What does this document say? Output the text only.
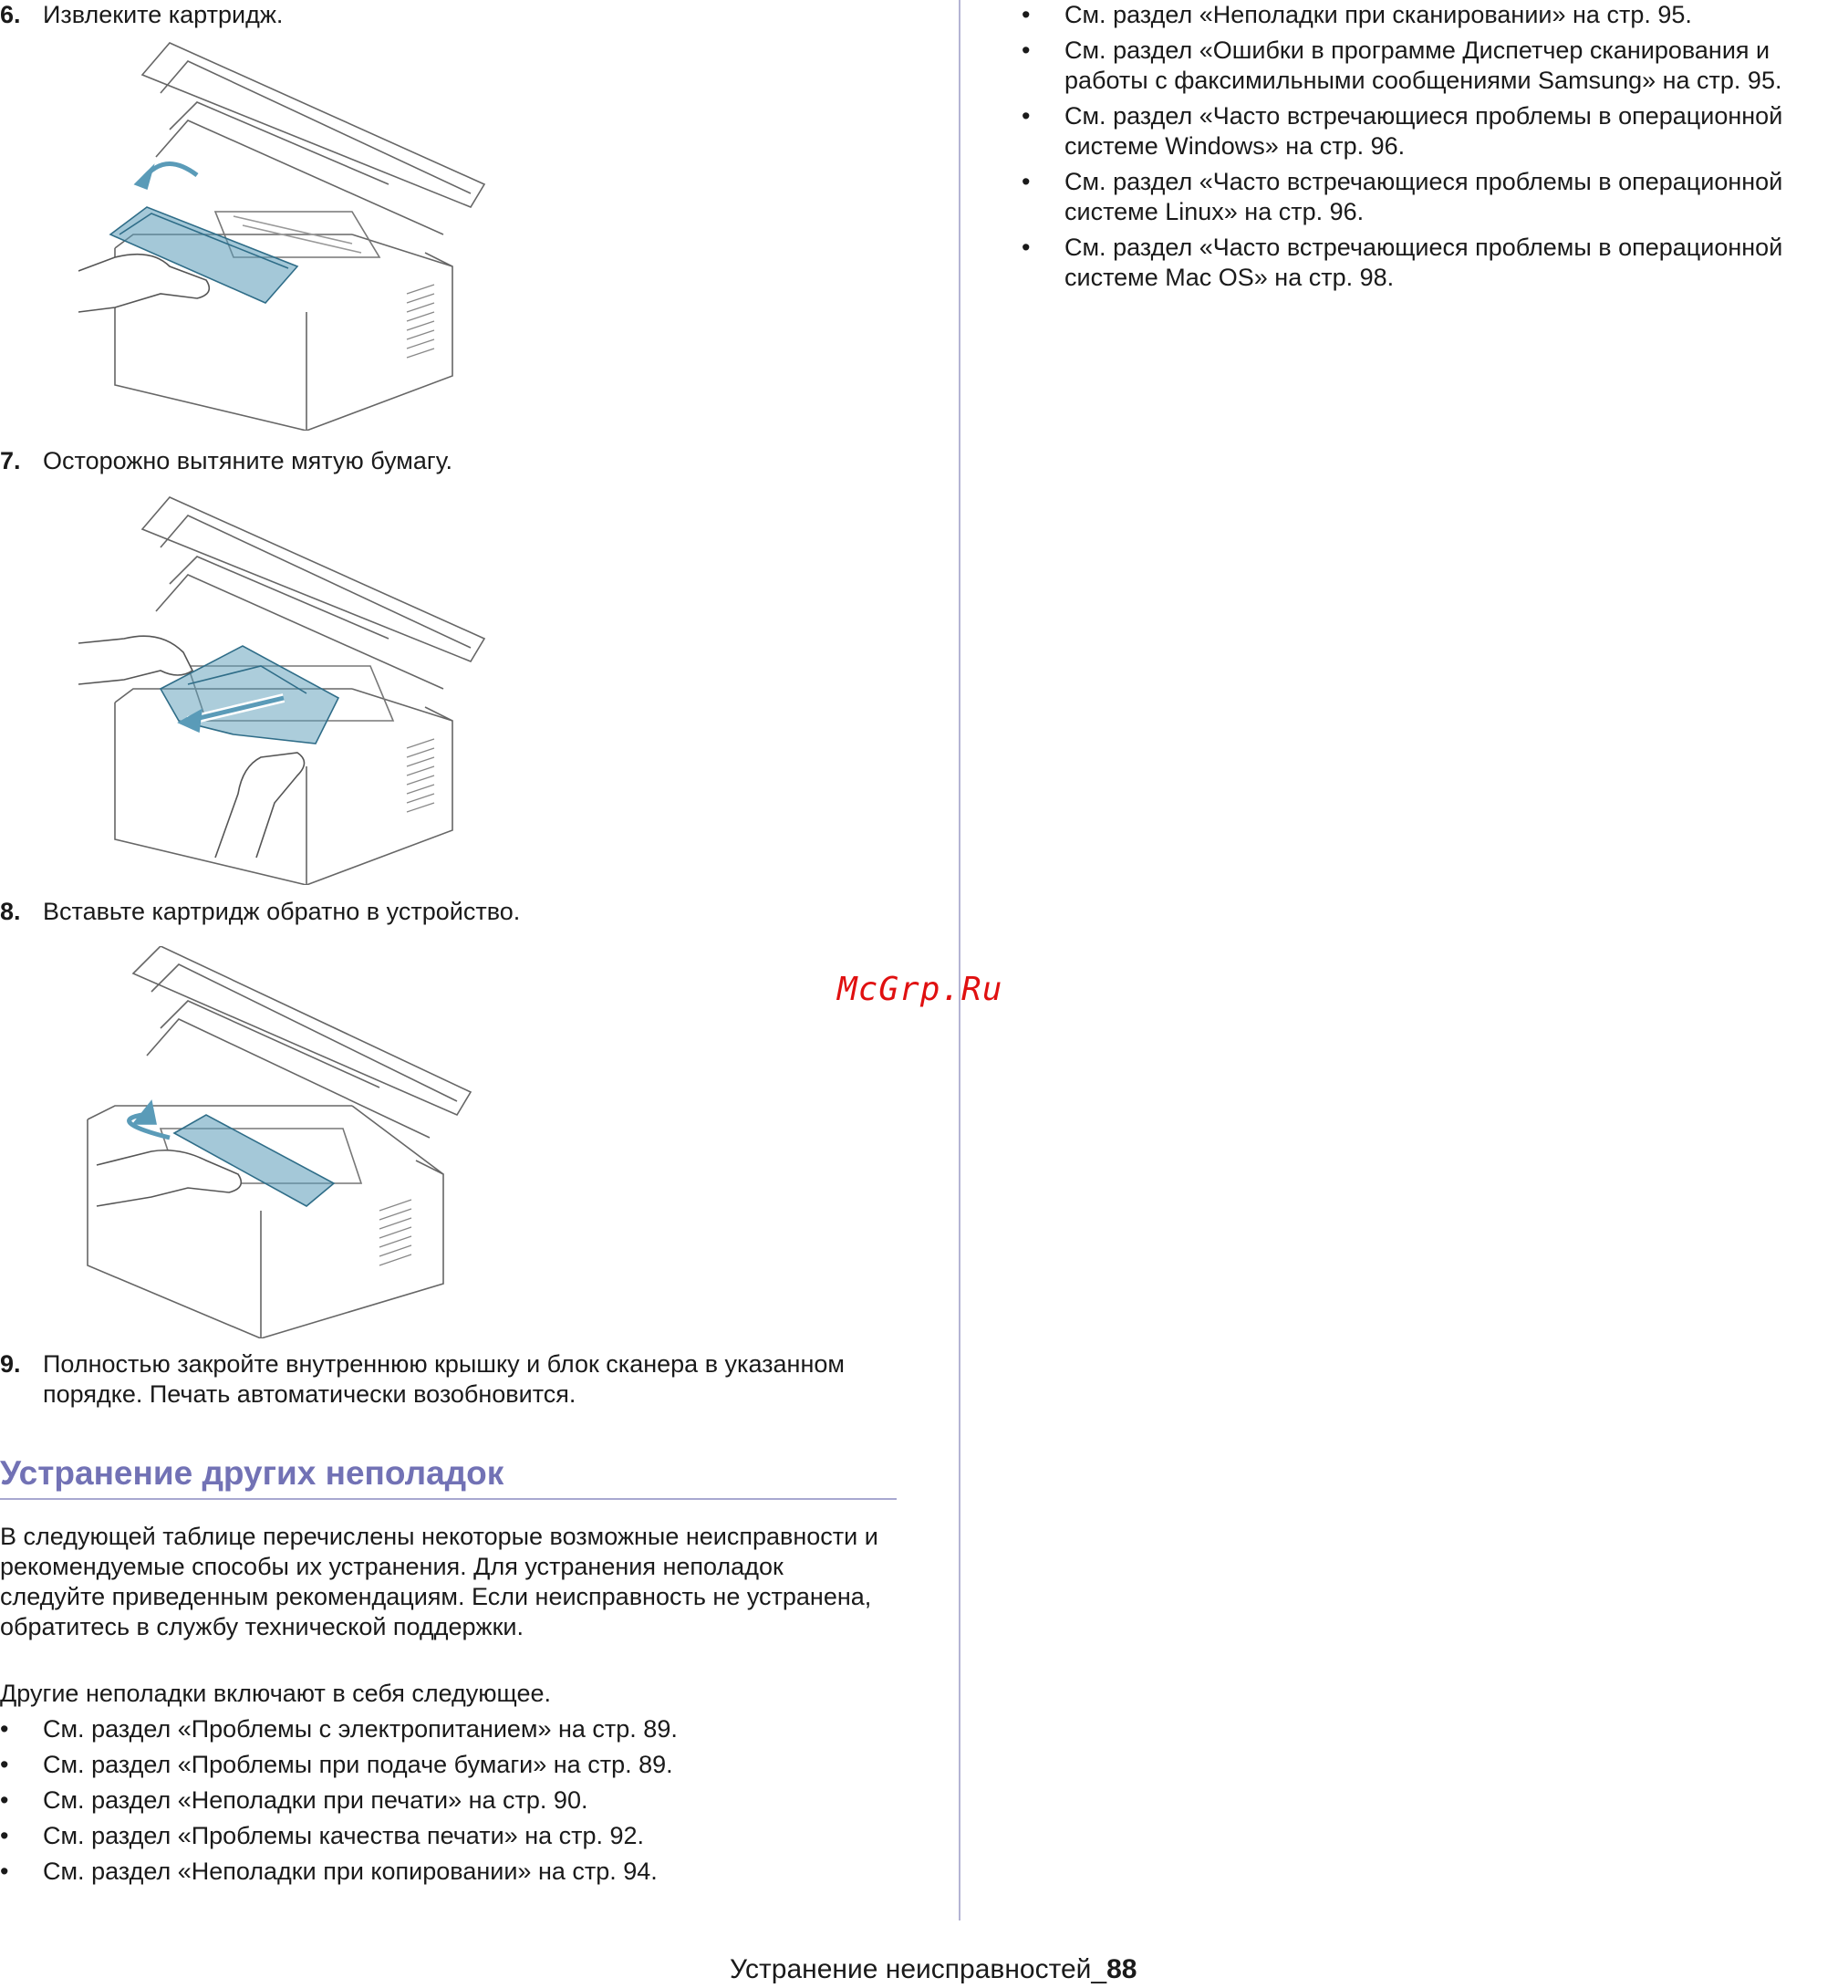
6. Извлеките картридж.
7. Осторожно вытяните мятую бумагу.
8. Вставьте картридж обратно в устройство.
9. Полностью закройте внутреннюю крышку и блок сканера в указанном порядке. Печать автоматически возобновится.
Устранение других неполадок
В следующей таблице перечислены некоторые возможные неисправности и рекомендуемые способы их устранения. Для устранения неполадок следуйте приведенным рекомендациям. Если неисправность не устранена, обратитесь в службу технической поддержки.
Другие неполадки включают в себя следующее.
• См. раздел «Проблемы с электропитанием» на стр. 89.
• См. раздел «Проблемы при подаче бумаги» на стр. 89.
• См. раздел «Неполадки при печати» на стр. 90.
• См. раздел «Проблемы качества печати» на стр. 92.
• См. раздел «Неполадки при копировании» на стр. 94.
• См. раздел «Неполадки при сканировании» на стр. 95.
• См. раздел «Ошибки в программе Диспетчер сканирования и работы с факсимильными сообщениями Samsung» на стр. 95.
• См. раздел «Часто встречающиеся проблемы в операционной системе Windows» на стр. 96.
• См. раздел «Часто встречающиеся проблемы в операционной системе Linux» на стр. 96.
• См. раздел «Часто встречающиеся проблемы в операционной системе Mac OS» на стр. 98.
McGrp.Ru
Устранение неисправностей_88
